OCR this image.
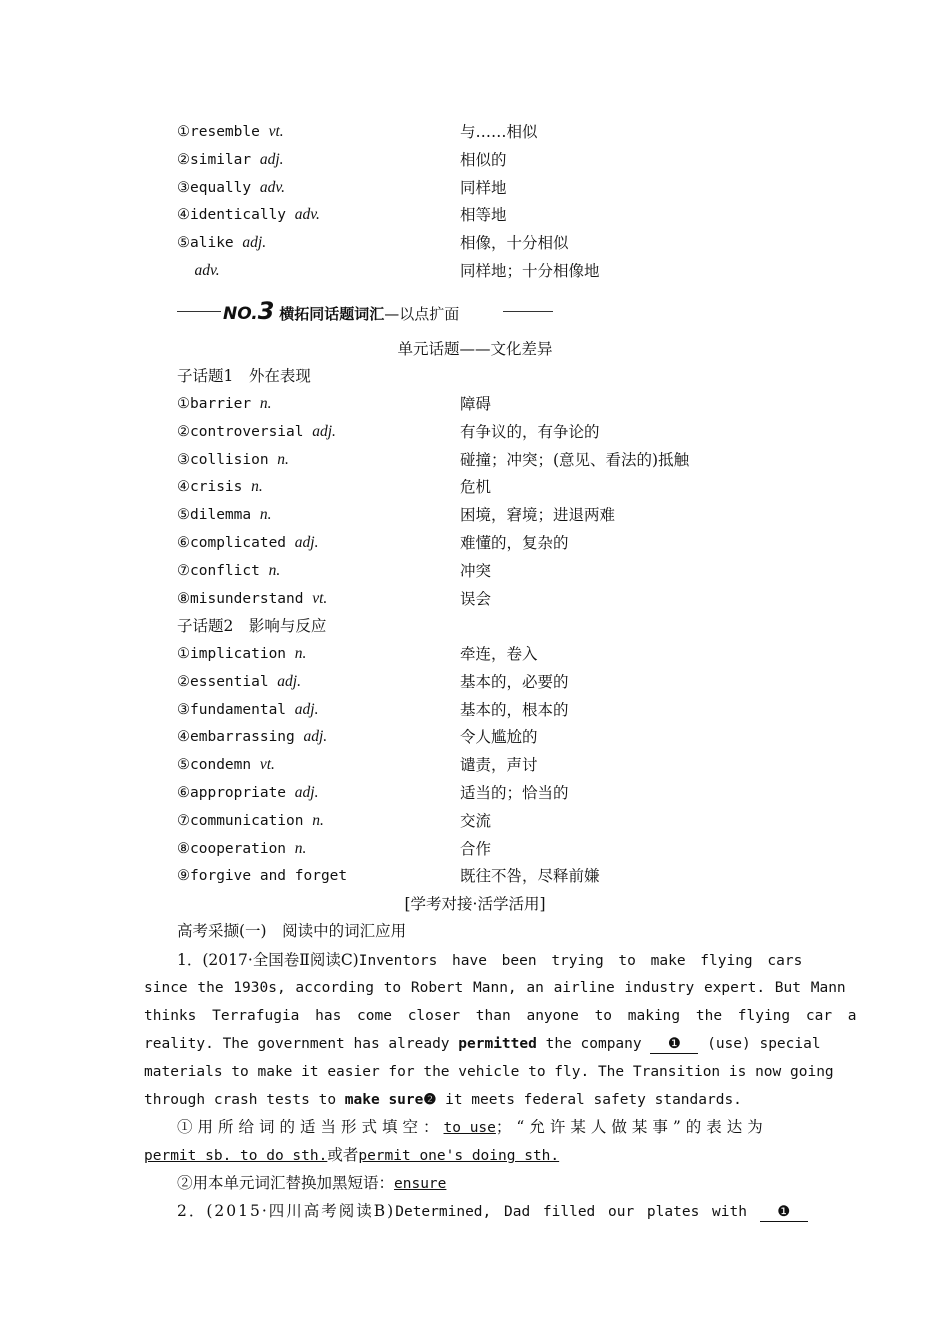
①resemble vt.	与……相似
②similar adj.	相似的
③equally adv.	同样地
④identically adv.	相等地
⑤alike adj.	相像，十分相似
adv.	同样地；十分相像地
NO.3 横拓同话题词汇—以点扩面
单元话题——文化差异
子话题1　外在表现
①barrier n.	障碍
②controversial adj.	有争议的，有争论的
③collision n.	碰撞；冲突；(意见、看法的)抵触
④crisis n.	危机
⑤dilemma n.	困境，窘境；进退两难
⑥complicated adj.	难懂的，复杂的
⑦conflict n.	冲突
⑧misunderstand vt.	误会
子话题2　影响与反应
①implication n.	牵连，卷入
②essential adj.	基本的，必要的
③fundamental adj.	基本的，根本的
④embarrassing adj.	令人尴尬的
⑤condemn vt.	谴责，声讨
⑥appropriate adj.	适当的；恰当的
⑦communication n.	交流
⑧cooperation n.	合作
⑨forgive and forget	既往不咎，尽释前嫌
[学考对接·活学活用]
高考采撷(一)　阅读中的词汇应用
1．(2017·全国卷Ⅱ阅读C)Inventors have been trying to make flying cars
since the 1930s, according to Robert Mann, an airline industry expert. But Mann
thinks Terrafugia has come closer than anyone to making the flying car a
reality. The government has already permitted the company ❶ (use) special
materials to make it easier for the vehicle to fly. The Transition is now going
through crash tests to make sure❷ it meets federal safety standards.
①用所给词的适当形式填空：to use；“允许某人做某事”的表达为
permit sb. to do sth.或者permit one's doing sth.
②用本单元词汇替换加黑短语：ensure
2．(2015·四川高考阅读B)Determined, Dad filled our plates with ❶
